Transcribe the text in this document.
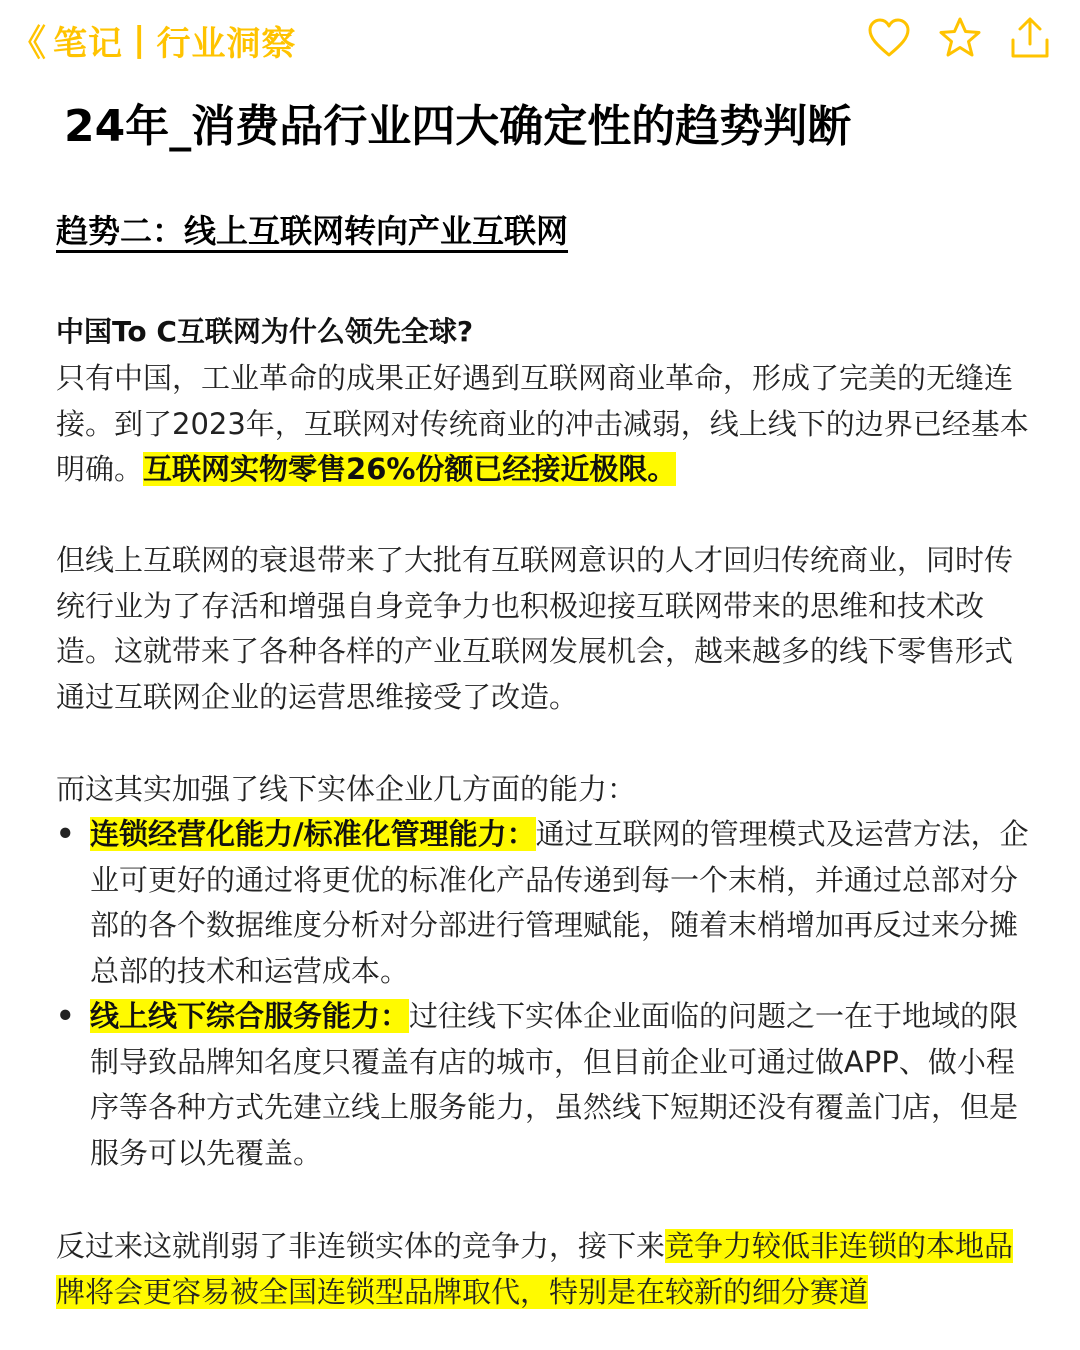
《 笔记 | 行业洞察
24年_消费品行业四大确定性的趋势判断
趋势二：线上互联网转向产业互联网
中国To C互联网为什么领先全球?
只有中国，工业革命的成果正好遇到互联网商业革命，形成了完美的无缝连接。到了2023年，互联网对传统商业的冲击减弱，线上线下的边界已经基本明确。互联网实物零售26%份额已经接近极限。
但线上互联网的衰退带来了大批有互联网意识的人才回归传统商业，同时传统行业为了存活和增强自身竞争力也积极迎接互联网带来的思维和技术改造。这就带来了各种各样的产业互联网发展机会，越来越多的线下零售形式通过互联网企业的运营思维接受了改造。
而这其实加强了线下实体企业几方面的能力：
• 连锁经营化能力/标准化管理能力：通过互联网的管理模式及运营方法，企业可更好的通过将更优的标准化产品传递到每一个末梢，并通过总部对分部的各个数据维度分析对分部进行管理赋能，随着末梢增加再反过来分摊总部的技术和运营成本。
• 线上线下综合服务能力：过往线下实体企业面临的问题之一在于地域的限制导致品牌知名度只覆盖有店的城市，但目前企业可通过做APP、做小程序等各种方式先建立线上服务能力，虽然线下短期还没有覆盖门店，但是服务可以先覆盖。
反过来这就削弱了非连锁实体的竞争力，接下来竞争力较低非连锁的本地品牌将会更容易被全国连锁型品牌取代，特别是在较新的细分赛道
